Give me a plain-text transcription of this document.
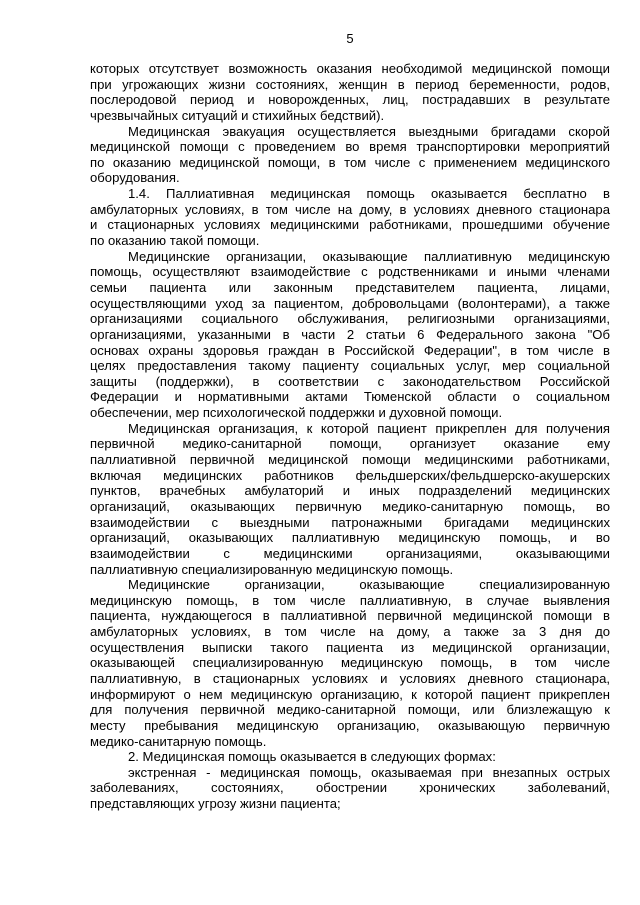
5
которых отсутствует возможность оказания необходимой медицинской помощи
при угрожающих жизни состояниях, женщин в период беременности, родов,
послеродовой период и новорожденных, лиц, пострадавших в результате
чрезвычайных ситуаций и стихийных бедствий).
Медицинская эвакуация осуществляется выездными бригадами скорой
медицинской помощи с проведением во время транспортировки мероприятий
по оказанию медицинской помощи, в том числе с применением медицинского
оборудования.
1.4. Паллиативная медицинская помощь оказывается бесплатно в
амбулаторных условиях, в том числе на дому, в условиях дневного стационара
и стационарных условиях медицинскими работниками, прошедшими обучение
по оказанию такой помощи.
Медицинские организации, оказывающие паллиативную медицинскую
помощь, осуществляют взаимодействие с родственниками и иными членами
семьи пациента или законным представителем пациента, лицами,
осуществляющими уход за пациентом, добровольцами (волонтерами), а также
организациями социального обслуживания, религиозными организациями,
организациями, указанными в части 2 статьи 6 Федерального закона "Об
основах охраны здоровья граждан в Российской Федерации", в том числе в
целях предоставления такому пациенту социальных услуг, мер социальной
защиты (поддержки), в соответствии с законодательством Российской
Федерации и нормативными актами Тюменской области о социальном
обеспечении, мер психологической поддержки и духовной помощи.
Медицинская организация, к которой пациент прикреплен для получения
первичной медико-санитарной помощи, организует оказание ему
паллиативной первичной медицинской помощи медицинскими работниками,
включая медицинских работников фельдшерских/фельдшерско-акушерских
пунктов, врачебных амбулаторий и иных подразделений медицинских
организаций, оказывающих первичную медико-санитарную помощь, во
взаимодействии с выездными патронажными бригадами медицинских
организаций, оказывающих паллиативную медицинскую помощь, и во
взаимодействии с медицинскими организациями, оказывающими
паллиативную специализированную медицинскую помощь.
Медицинские организации, оказывающие специализированную
медицинскую помощь, в том числе паллиативную, в случае выявления
пациента, нуждающегося в паллиативной первичной медицинской помощи в
амбулаторных условиях, в том числе на дому, а также за 3 дня до
осуществления выписки такого пациента из медицинской организации,
оказывающей специализированную медицинскую помощь, в том числе
паллиативную, в стационарных условиях и условиях дневного стационара,
информируют о нем медицинскую организацию, к которой пациент прикреплен
для получения первичной медико-санитарной помощи, или близлежащую к
месту пребывания медицинскую организацию, оказывающую первичную
медико-санитарную помощь.
2. Медицинская помощь оказывается в следующих формах:
экстренная - медицинская помощь, оказываемая при внезапных острых
заболеваниях, состояниях, обострении хронических заболеваний,
представляющих угрозу жизни пациента;
